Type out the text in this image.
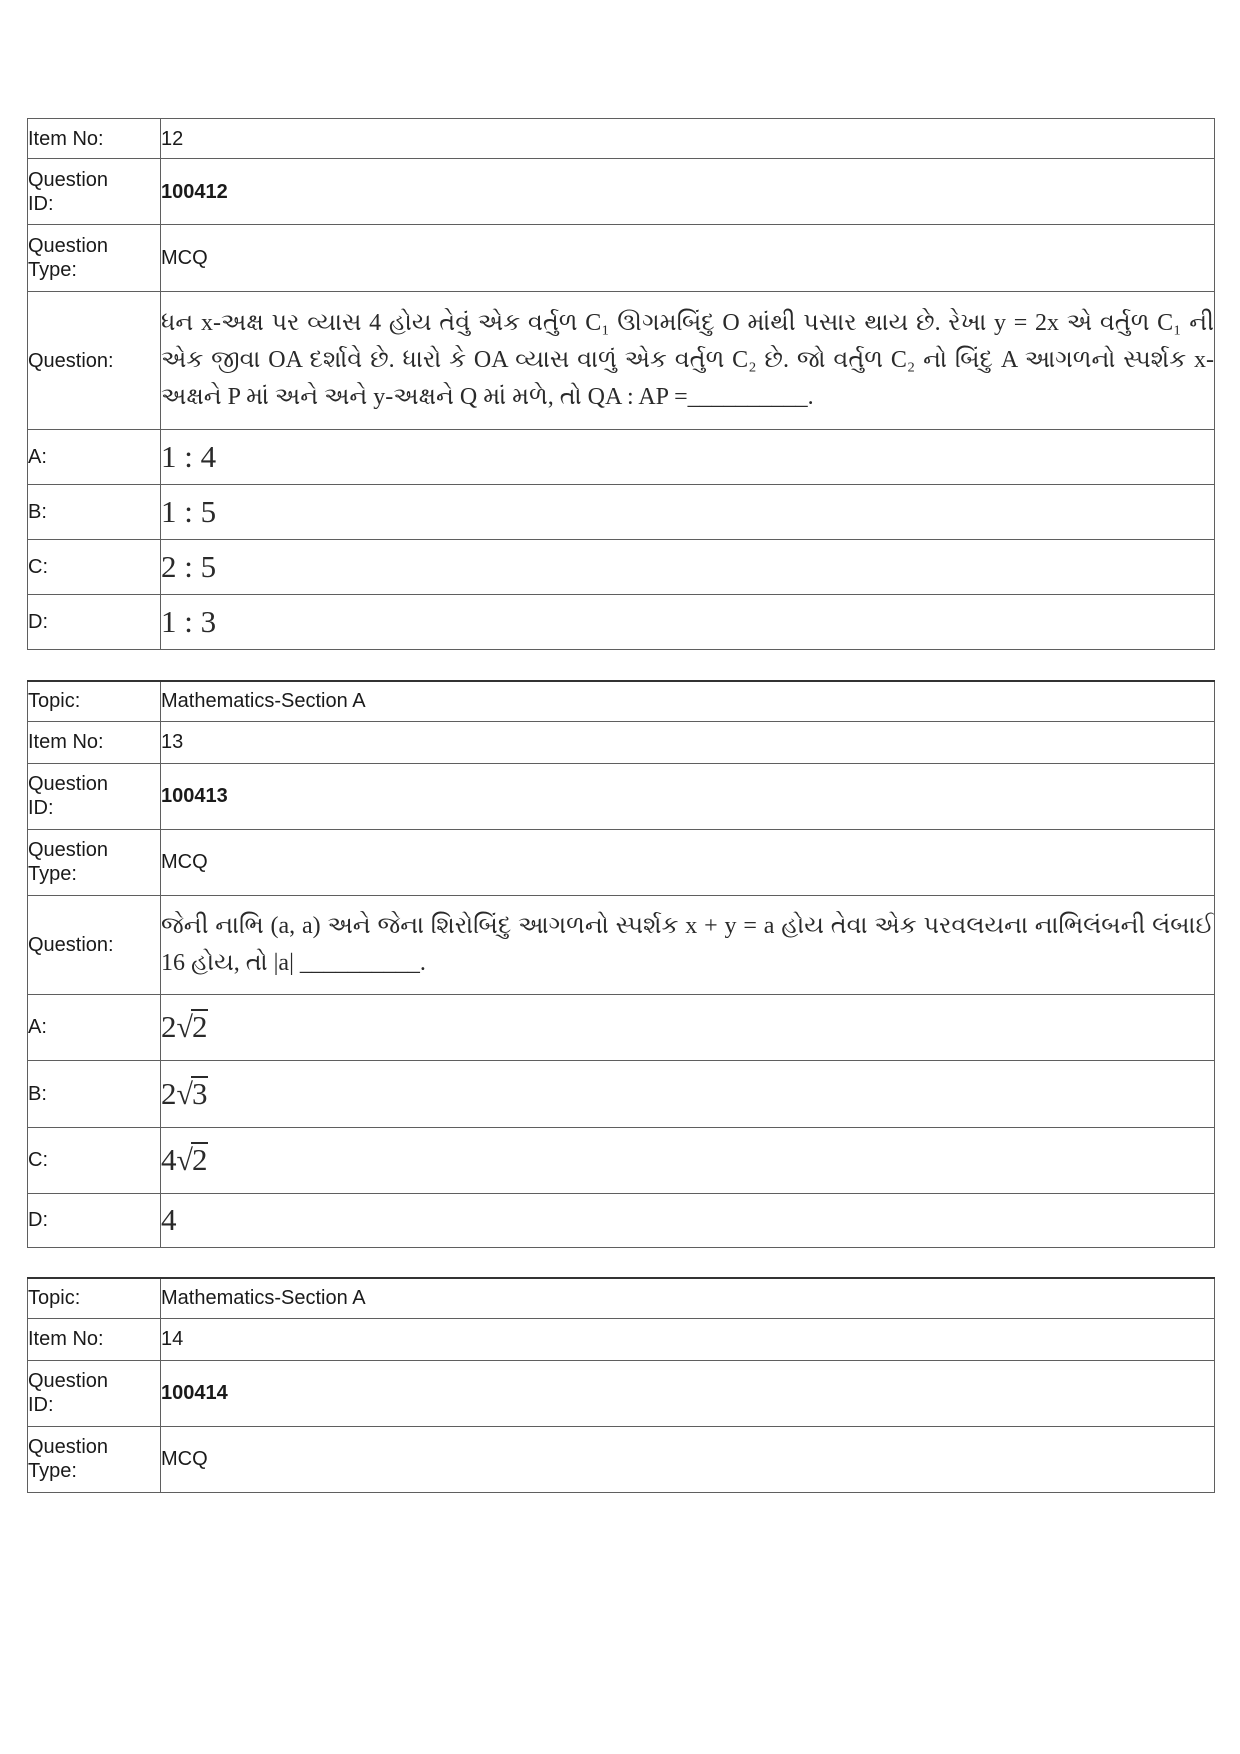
Item No:	12

Question ID:	100412

Question Type:	MCQ

Question:	ધન x-અક્ષ પર વ્યાસ 4 હોય તેવું એક વર્તુળ C₁ ઊગમબિંદુ O માંથી પસાર થાય છે. રેખા y = 2x એ વર્તુળ C₁ ની એક જીવા OA દર્શાવે છે. ધારો કે OA વ્યાસ વાળું એક વર્તુળ C₂ છે. જો વર્તુળ C₂ નો બિંદુ A આગળનો સ્પર્શક x-અક્ષને P માં અને અને y-અક્ષને Q માં મળે, તો QA : AP =__________.

A:	1 : 4

B:	1 : 5

C:	2 : 5

D:	1 : 3
Topic:	Mathematics-Section A

Item No:	13

Question ID:	100413

Question Type:	MCQ

Question:	જેની નાભિ (a, a) અને જેના શિરોબિંદુ આગળનો સ્પર્શક x + y = a હોય તેવા એક પરવલયના નાભિલંબની લંબાઈ 16 હોય, તો |a| __________.

A:	2√2

B:	2√3

C:	4√2

D:	4
Topic:	Mathematics-Section A

Item No:	14

Question ID:	100414

Question Type:	MCQ
